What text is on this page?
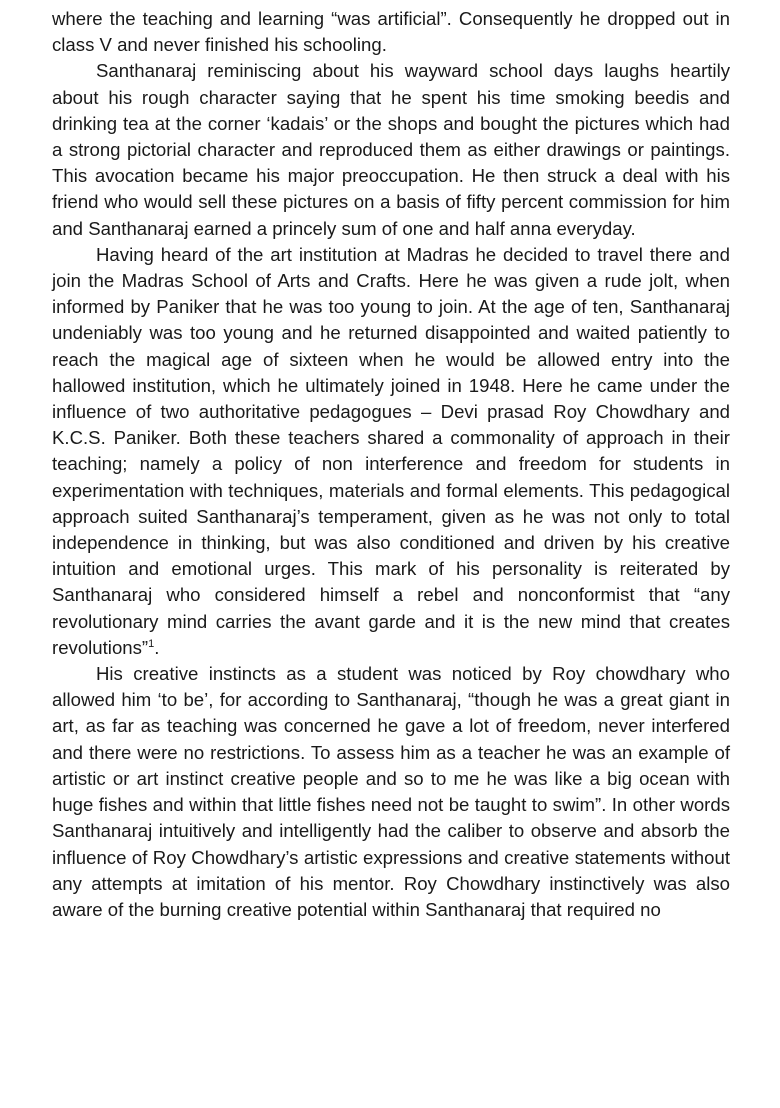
where the teaching and learning “was artificial”. Consequently he dropped out in class V and never finished his schooling.

Santhanaraj reminiscing about his wayward school days laughs heartily about his rough character saying that he spent his time smoking beedis and drinking tea at the corner ‘kadais’ or the shops and bought the pictures which had a strong pictorial character and reproduced them as either drawings or paintings. This avocation became his major preoccupation. He then struck a deal with his friend who would sell these pictures on a basis of fifty percent commission for him and Santhanaraj earned a princely sum of one and half anna everyday.

Having heard of the art institution at Madras he decided to travel there and join the Madras School of Arts and Crafts. Here he was given a rude jolt, when informed by Paniker that he was too young to join. At the age of ten, Santhanaraj undeniably was too young and he returned disappointed and waited patiently to reach the magical age of sixteen when he would be allowed entry into the hallowed institution, which he ultimately joined in 1948. Here he came under the influence of two authoritative pedagogues – Devi prasad Roy Chowdhary and K.C.S. Paniker. Both these teachers shared a commonality of approach in their teaching; namely a policy of non interference and freedom for students in experimentation with techniques, materials and formal elements. This pedagogical approach suited Santhanaraj’s temperament, given as he was not only to total independence in thinking, but was also conditioned and driven by his creative intuition and emotional urges. This mark of his personality is reiterated by Santhanaraj who considered himself a rebel and nonconformist that “any revolutionary mind carries the avant garde and it is the new mind that creates revolutions”$^1$.

His creative instincts as a student was noticed by Roy chowdhary who allowed him ‘to be’, for according to Santhanaraj, “though he was a great giant in art, as far as teaching was concerned he gave a lot of freedom, never interfered and there were no restrictions. To assess him as a teacher he was an example of artistic or art instinct creative people and so to me he was like a big ocean with huge fishes and within that little fishes need not be taught to swim”. In other words Santhanaraj intuitively and intelligently had the caliber to observe and absorb the influence of Roy Chowdhary’s artistic expressions and creative statements without any attempts at imitation of his mentor. Roy Chowdhary instinctively was also aware of the burning creative potential within Santhanaraj that required no
